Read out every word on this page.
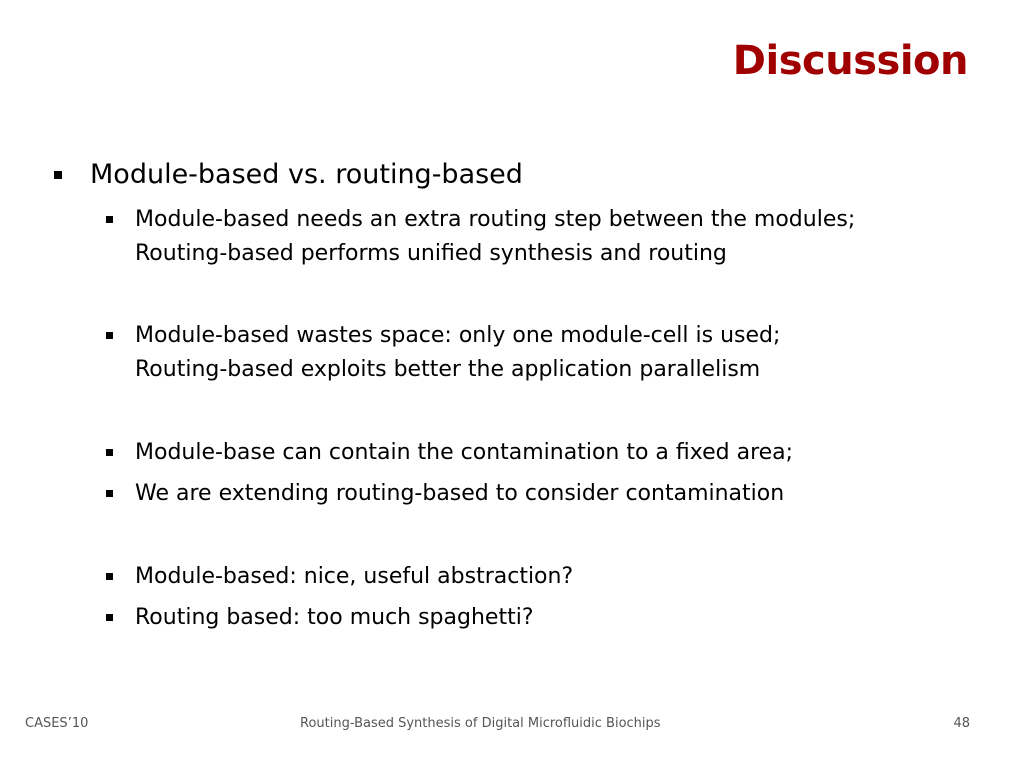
Discussion
Module-based vs. routing-based
Module-based needs an extra routing step between the modules;
Routing-based performs unified synthesis and routing
Module-based wastes space: only one module-cell is used;
Routing-based exploits better the application parallelism
Module-base can contain the contamination to a fixed area;
We are extending routing-based to consider contamination
Module-based: nice, useful abstraction?
Routing based: too much spaghetti?
CASES’10	Routing-Based Synthesis of Digital Microfluidic Biochips	48
